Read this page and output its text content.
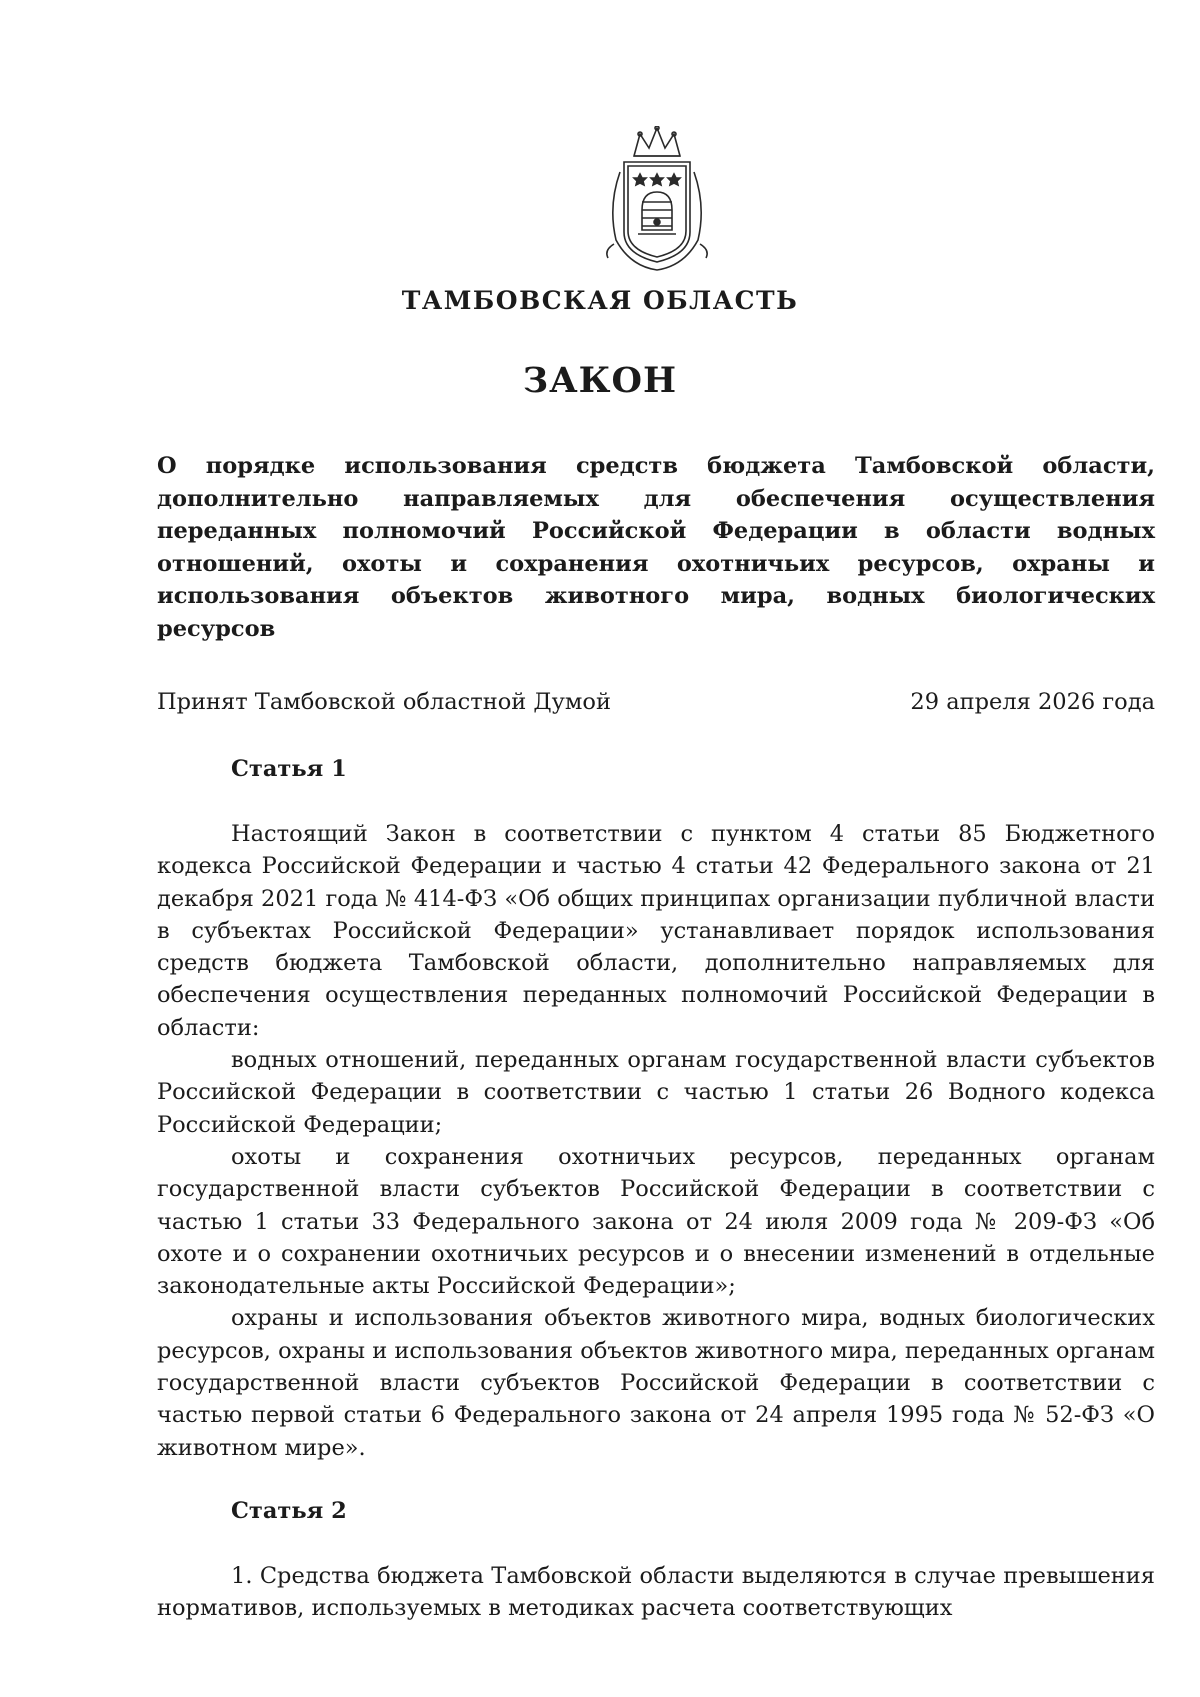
ТАМБОВСКАЯ ОБЛАСТЬ
ЗАКОН
О порядке использования средств бюджета Тамбовской области, дополнительно направляемых для обеспечения осуществления переданных полномочий Российской Федерации в области водных отношений, охоты и сохранения охотничьих ресурсов, охраны и использования объектов животного мира, водных биологических ресурсов
Принят Тамбовской областной Думой	29 апреля 2026 года
Статья 1

Настоящий Закон в соответствии с пунктом 4 статьи 85 Бюджетного кодекса Российской Федерации и частью 4 статьи 42 Федерального закона от 21 декабря 2021 года № 414-ФЗ «Об общих принципах организации публичной власти в субъектах Российской Федерации» устанавливает порядок использования средств бюджета Тамбовской области, дополнительно направляемых для обеспечения осуществления переданных полномочий Российской Федерации в области:

водных отношений, переданных органам государственной власти субъектов Российской Федерации в соответствии с частью 1 статьи 26 Водного кодекса Российской Федерации;

охоты и сохранения охотничьих ресурсов, переданных органам государственной власти субъектов Российской Федерации в соответствии с частью 1 статьи 33 Федерального закона от 24 июля 2009 года № 209-ФЗ «Об охоте и о сохранении охотничьих ресурсов и о внесении изменений в отдельные законодательные акты Российской Федерации»;

охраны и использования объектов животного мира, водных биологических ресурсов, охраны и использования объектов животного мира, переданных органам государственной власти субъектов Российской Федерации в соответствии с частью первой статьи 6 Федерального закона от 24 апреля 1995 года № 52-ФЗ «О животном мире».

Статья 2

1. Средства бюджета Тамбовской области выделяются в случае превышения нормативов, используемых в методиках расчета соответствующих
